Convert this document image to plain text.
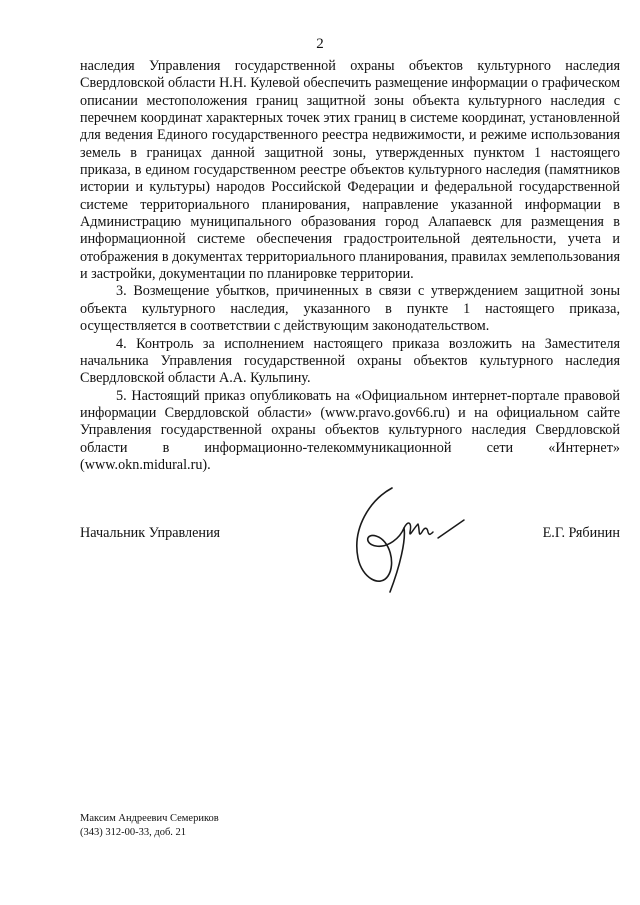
2

наследия Управления государственной охраны объектов культурного наследия Свердловской области Н.Н. Кулевой обеспечить размещение информации о графическом описании местоположения границ защитной зоны объекта культурного наследия с перечнем координат характерных точек этих границ в системе координат, установленной для ведения Единого государственного реестра недвижимости, и режиме использования земель в границах данной защитной зоны, утвержденных пунктом 1 настоящего приказа, в едином государственном реестре объектов культурного наследия (памятников истории и культуры) народов Российской Федерации и федеральной государственной системе территориального планирования, направление указанной информации в Администрацию муниципального образования город Алапаевск для размещения в информационной системе обеспечения градостроительной деятельности, учета и отображения в документах территориального планирования, правилах землепользования и застройки, документации по планировке территории.

3. Возмещение убытков, причиненных в связи с утверждением защитной зоны объекта культурного наследия, указанного в пункте 1 настоящего приказа, осуществляется в соответствии с действующим законодательством.

4. Контроль за исполнением настоящего приказа возложить на Заместителя начальника Управления государственной охраны объектов культурного наследия Свердловской области А.А. Кульпину.

5. Настоящий приказ опубликовать на «Официальном интернет-портале правовой информации Свердловской области» (www.pravo.gov66.ru) и на официальном сайте Управления государственной охраны объектов культурного наследия Свердловской области в информационно-телекоммуникационной сети «Интернет» (www.okn.midural.ru).

Начальник Управления	Е.Г. Рябинин
Максим Андреевич Семериков
(343) 312-00-33, доб. 21
